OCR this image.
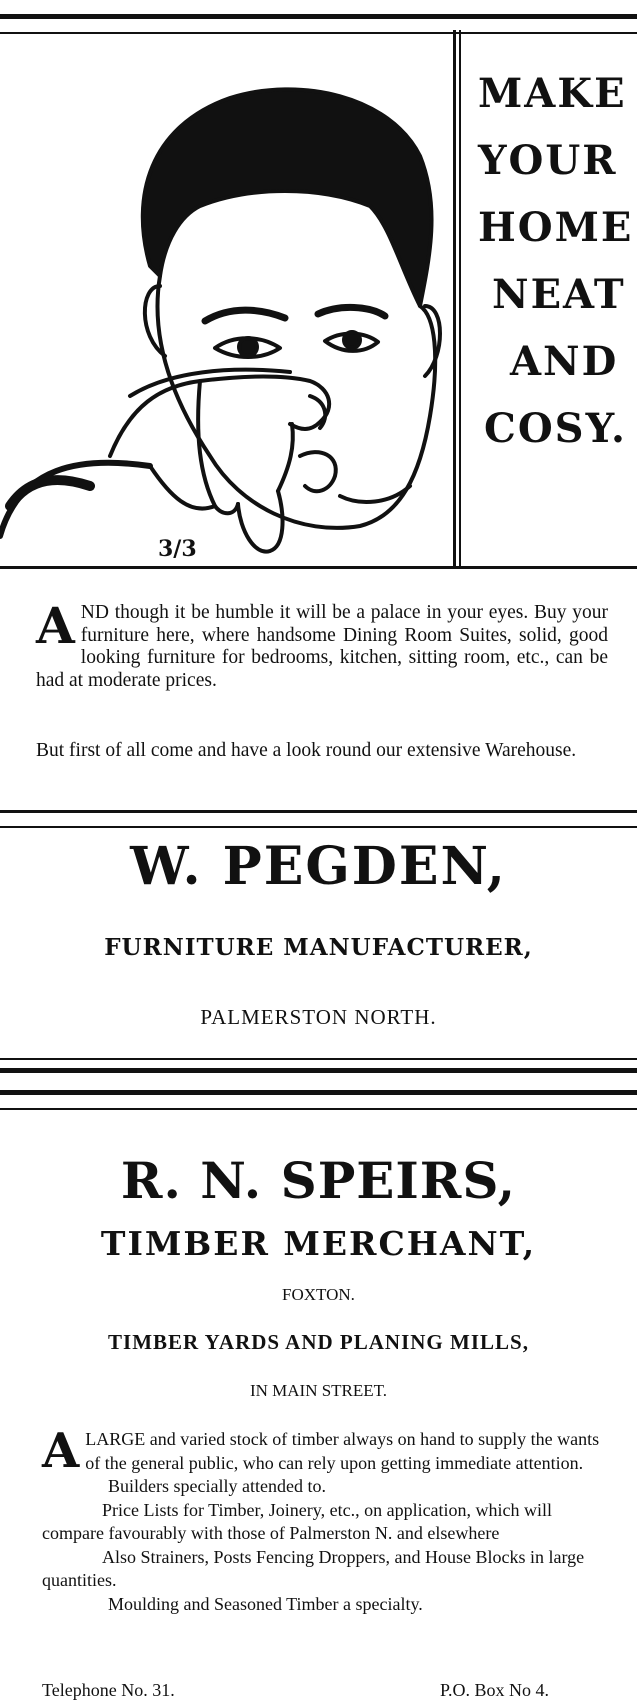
3/3
MAKE
YOUR
HOME
NEAT
AND
COSY.
AND though it be humble it will be a palace in your eyes. Buy your furniture here, where handsome Dining Room Suites, solid, good looking furniture for bedrooms, kitchen, sitting room, etc., can be had at moderate prices.
But first of all come and have a look round our extensive Warehouse.
W. PEGDEN,
FURNITURE MANUFACTURER,
PALMERSTON NORTH.
R. N. SPEIRS,
TIMBER MERCHANT,
FOXTON.
TIMBER YARDS AND PLANING MILLS,
IN MAIN STREET.

ALARGE and varied stock of timber always on hand to supply the wants of the general public, who can rely upon getting immediate attention.

Builders specially attended to.

Price Lists for Timber, Joinery, etc., on application, which will compare favourably with those of Palmerston N. and elsewhere

Also Strainers, Posts Fencing Droppers, and House Blocks in large quantities.

Moulding and Seasoned Timber a specialty.

Telephone No. 31.	P.O. Box No 4.
